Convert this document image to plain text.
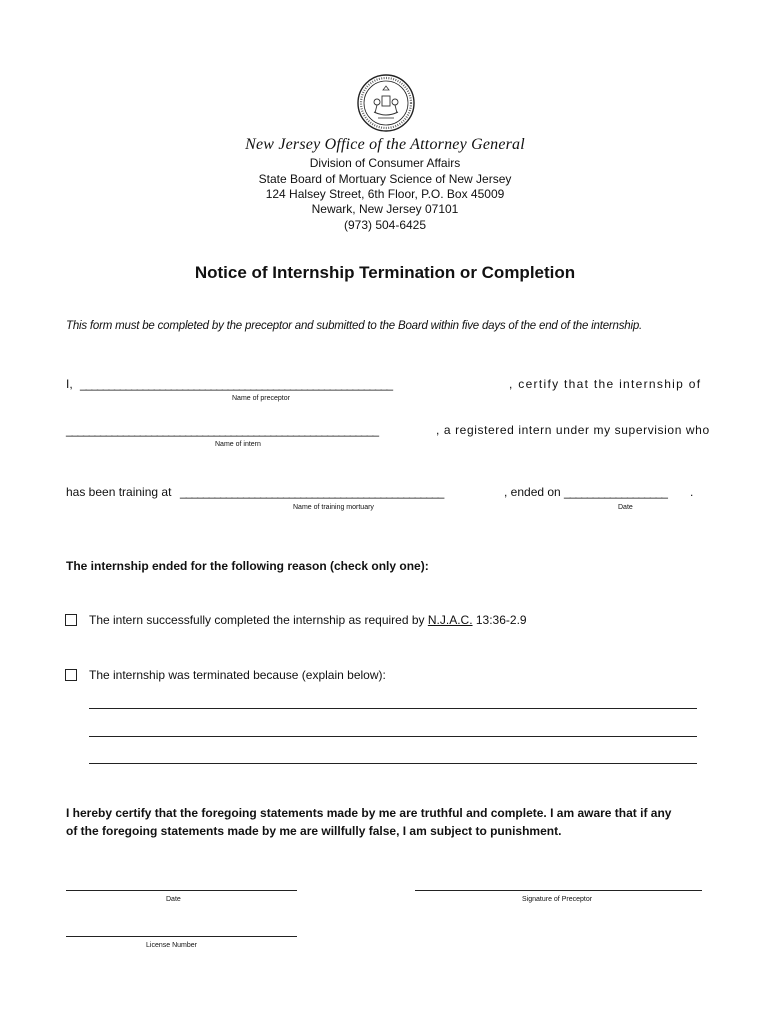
New Jersey Office of the Attorney General
Division of Consumer Affairs
State Board of Mortuary Science of New Jersey
124 Halsey Street, 6th Floor, P.O. Box 45009
Newark, New Jersey 07101
(973) 504-6425
Notice of Internship Termination or Completion
This form must be completed by the preceptor and submitted to the Board within five days of the end of the internship.
I, _______________________________________________________	, certify that the internship of
Name of preceptor
_______________________________________________________	, a registered intern under my supervision who
Name of intern
has been training at ______________________________________________	, ended on __________________ .
Name of training mortuary	Date
The internship ended for the following reason (check only one):
The intern successfully completed the internship as required by N.J.A.C. 13:36-2.9
The internship was terminated because (explain below):
I hereby certify that the foregoing statements made by me are truthful and complete. I am aware that if any
of the foregoing statements made by me are willfully false, I am subject to punishment.
Date	Signature of Preceptor
License Number
